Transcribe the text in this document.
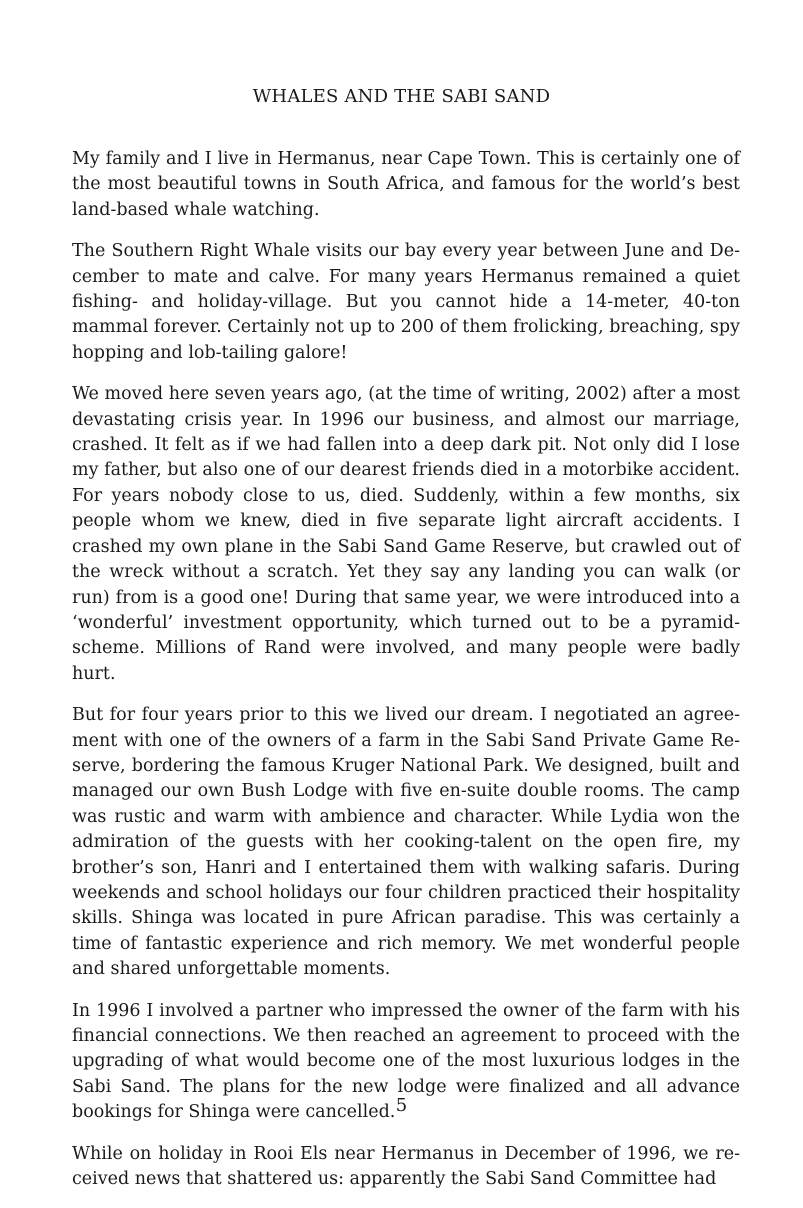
WHALES AND THE SABI SAND

My family and I live in Hermanus, near Cape Town. This is certainly one of the most beautiful towns in South Africa, and famous for the world’s best land-based whale watching.

The Southern Right Whale visits our bay every year between June and December to mate and calve. For many years Hermanus remained a quiet fishing- and holiday-village. But you cannot hide a 14-meter, 40-ton mammal forever. Certainly not up to 200 of them frolicking, breaching, spy hopping and lob-tailing galore!

We moved here seven years ago, (at the time of writing, 2002) after a most devastating crisis year. In 1996 our business, and almost our marriage, crashed. It felt as if we had fallen into a deep dark pit. Not only did I lose my father, but also one of our dearest friends died in a motorbike accident. For years nobody close to us, died. Suddenly, within a few months, six people whom we knew, died in five separate light aircraft accidents. I crashed my own plane in the Sabi Sand Game Reserve, but crawled out of the wreck without a scratch. Yet they say any landing you can walk (or run) from is a good one! During that same year, we were introduced into a ‘wonderful’ investment opportunity, which turned out to be a pyramid-scheme. Millions of Rand were involved, and many people were badly hurt.

But for four years prior to this we lived our dream. I negotiated an agreement with one of the owners of a farm in the Sabi Sand Private Game Reserve, bordering the famous Kruger National Park. We designed, built and managed our own Bush Lodge with five en-suite double rooms. The camp was rustic and warm with ambience and character. While Lydia won the admiration of the guests with her cooking-talent on the open fire, my brother’s son, Hanri and I entertained them with walking safaris. During weekends and school holidays our four children practiced their hospitality skills. Shinga was located in pure African paradise. This was certainly a time of fantastic experience and rich memory. We met wonderful people and shared unforgettable moments.

In 1996 I involved a partner who impressed the owner of the farm with his financial connections. We then reached an agreement to proceed with the upgrading of what would become one of the most luxurious lodges in the Sabi Sand. The plans for the new lodge were finalized and all advance bookings for Shinga were cancelled.

While on holiday in Rooi Els near Hermanus in December of 1996, we received news that shattered us: apparently the Sabi Sand Committee had

5
